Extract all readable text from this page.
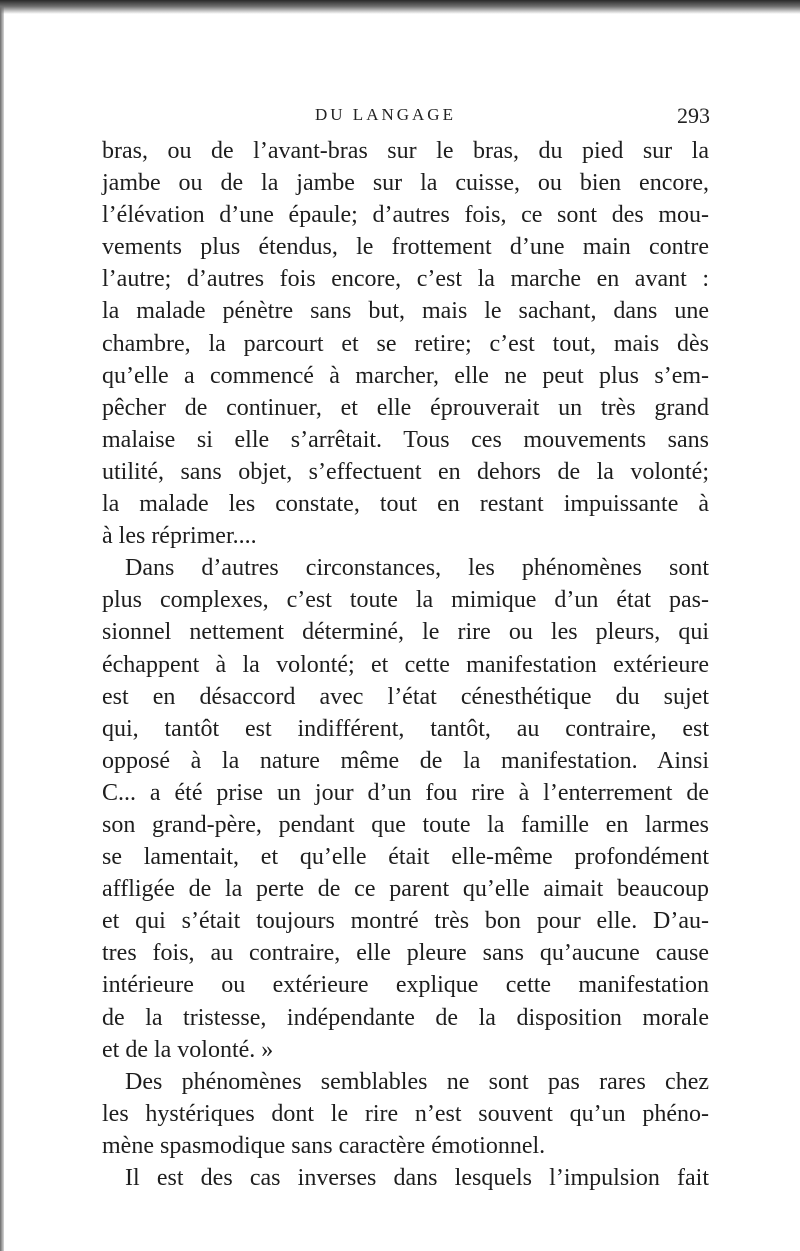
DU LANGAGE	293
bras, ou de l’avant-bras sur le bras, du pied sur la
jambe ou de la jambe sur la cuisse, ou bien encore,
l’élévation d’une épaule; d’autres fois, ce sont des mou-
vements plus étendus, le frottement d’une main contre
l’autre; d’autres fois encore, c’est la marche en avant :
la malade pénètre sans but, mais le sachant, dans une
chambre, la parcourt et se retire; c’est tout, mais dès
qu’elle a commencé à marcher, elle ne peut plus s’em-
pêcher de continuer, et elle éprouverait un très grand
malaise si elle s’arrêtait. Tous ces mouvements sans
utilité, sans objet, s’effectuent en dehors de la volonté;
la malade les constate, tout en restant impuissante à
à les réprimer....
Dans d’autres circonstances, les phénomènes sont
plus complexes, c’est toute la mimique d’un état pas-
sionnel nettement déterminé, le rire ou les pleurs, qui
échappent à la volonté; et cette manifestation extérieure
est en désaccord avec l’état cénesthétique du sujet
qui, tantôt est indifférent, tantôt, au contraire, est
opposé à la nature même de la manifestation. Ainsi
C... a été prise un jour d’un fou rire à l’enterrement de
son grand-père, pendant que toute la famille en larmes
se lamentait, et qu’elle était elle-même profondément
affligée de la perte de ce parent qu’elle aimait beaucoup
et qui s’était toujours montré très bon pour elle. D’au-
tres fois, au contraire, elle pleure sans qu’aucune cause
intérieure ou extérieure explique cette manifestation
de la tristesse, indépendante de la disposition morale
et de la volonté. »
Des phénomènes semblables ne sont pas rares chez
les hystériques dont le rire n’est souvent qu’un phéno-
mène spasmodique sans caractère émotionnel.
Il est des cas inverses dans lesquels l’impulsion fait
